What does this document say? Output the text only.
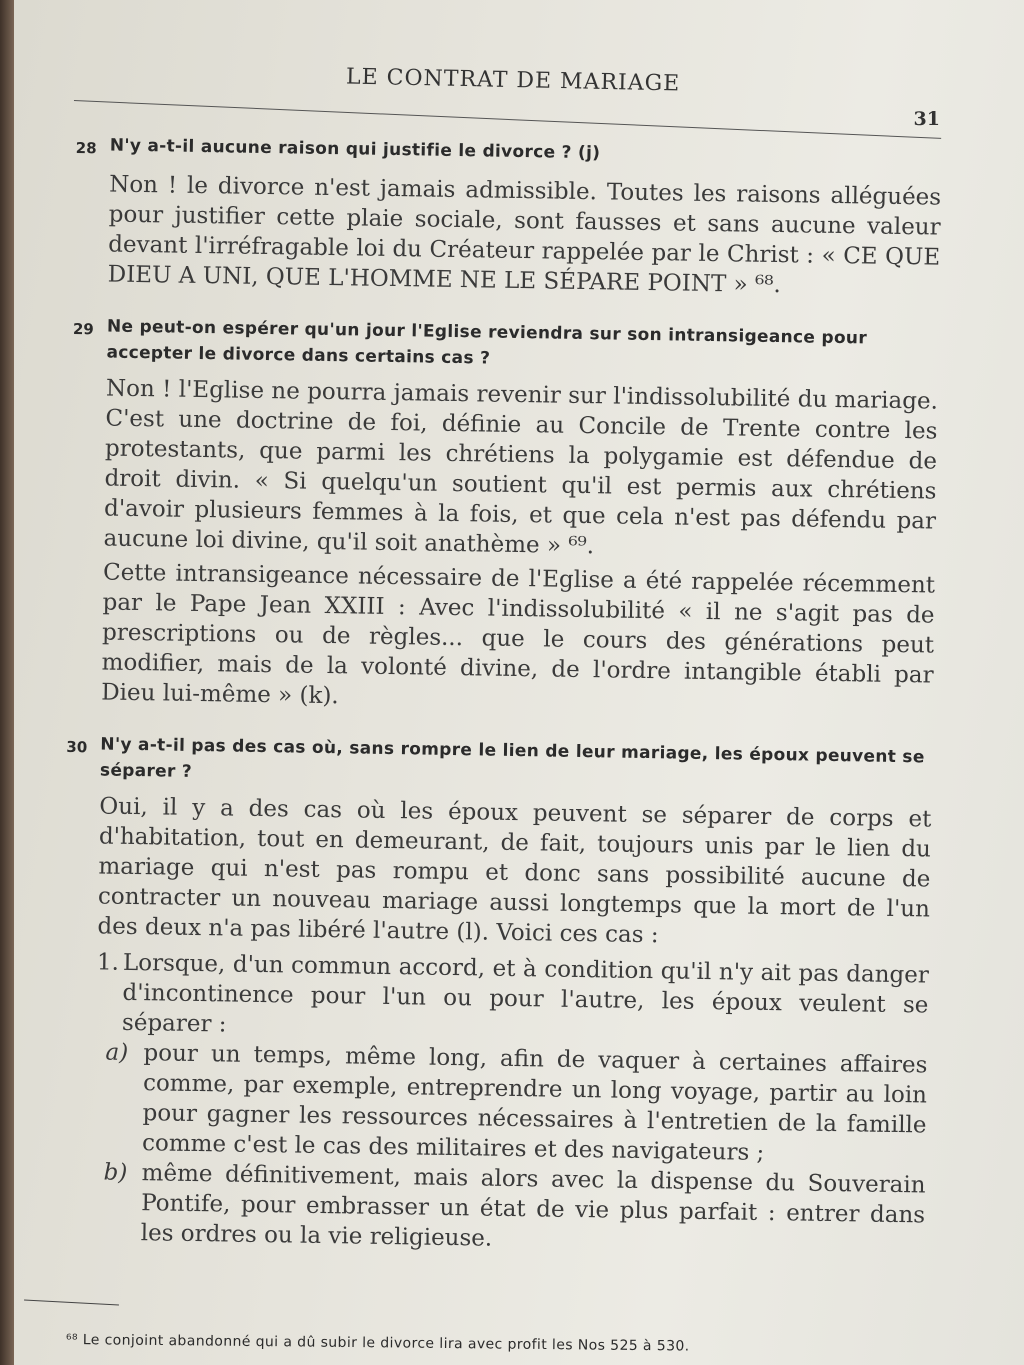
LE CONTRAT DE MARIAGE
31
28 N'y a-t-il aucune raison qui justifie le divorce ? (j)

Non ! le divorce n'est jamais admissible. Toutes les raisons alléguées pour justifier cette plaie sociale, sont fausses et sans aucune valeur devant l'irréfragable loi du Créateur rappelée par le Christ : « CE QUE DIEU A UNI, QUE L'HOMME NE LE SÉPARE POINT » ⁶⁸.

29 Ne peut-on espérer qu'un jour l'Eglise reviendra sur son intransigeance pour accepter le divorce dans certains cas ?

Non ! l'Eglise ne pourra jamais revenir sur l'indissolubilité du mariage. C'est une doctrine de foi, définie au Concile de Trente contre les protestants, que parmi les chrétiens la polygamie est défendue de droit divin. « Si quelqu'un soutient qu'il est permis aux chrétiens d'avoir plusieurs femmes à la fois, et que cela n'est pas défendu par aucune loi divine, qu'il soit anathème » ⁶⁹.

Cette intransigeance nécessaire de l'Eglise a été rappelée récemment par le Pape Jean XXIII : Avec l'indissolubilité « il ne s'agit pas de prescriptions ou de règles... que le cours des générations peut modifier, mais de la volonté divine, de l'ordre intangible établi par Dieu lui-même » (k).

30 N'y a-t-il pas des cas où, sans rompre le lien de leur mariage, les époux peuvent se séparer ?

Oui, il y a des cas où les époux peuvent se séparer de corps et d'habitation, tout en demeurant, de fait, toujours unis par le lien du mariage qui n'est pas rompu et donc sans possibilité aucune de contracter un nouveau mariage aussi longtemps que la mort de l'un des deux n'a pas libéré l'autre (l). Voici ces cas :

1. Lorsque, d'un commun accord, et à condition qu'il n'y ait pas danger d'incontinence pour l'un ou pour l'autre, les époux veulent se séparer :
a) pour un temps, même long, afin de vaquer à certaines affaires comme, par exemple, entreprendre un long voyage, partir au loin pour gagner les ressources nécessaires à l'entretien de la famille comme c'est le cas des militaires et des navigateurs ;
b) même définitivement, mais alors avec la dispense du Souverain Pontife, pour embrasser un état de vie plus parfait : entrer dans les ordres ou la vie religieuse.
⁶⁸ Le conjoint abandonné qui a dû subir le divorce lira avec profit les Nos 525 à 530.
